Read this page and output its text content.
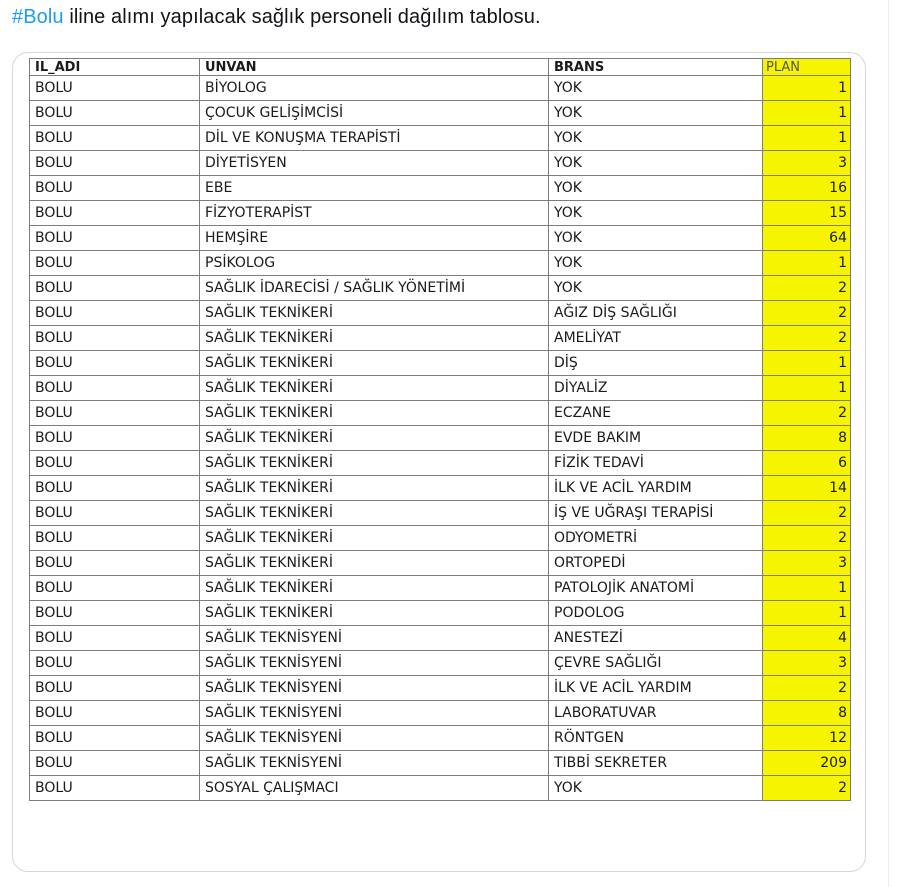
#Bolu iline alımı yapılacak sağlık personeli dağılım tablosu.
IL_ADI	UNVAN	BRANS	PLAN
BOLU	BİYOLOG	YOK	1
BOLU	ÇOCUK GELİŞİMCİSİ	YOK	1
BOLU	DİL VE KONUŞMA TERAPİSTİ	YOK	1
BOLU	DİYETİSYEN	YOK	3
BOLU	EBE	YOK	16
BOLU	FİZYOTERAPİST	YOK	15
BOLU	HEMŞİRE	YOK	64
BOLU	PSİKOLOG	YOK	1
BOLU	SAĞLIK İDARECİSİ / SAĞLIK YÖNETİMİ	YOK	2
BOLU	SAĞLIK TEKNİKERİ	AĞIZ DİŞ SAĞLIĞI	2
BOLU	SAĞLIK TEKNİKERİ	AMELİYAT	2
BOLU	SAĞLIK TEKNİKERİ	DİŞ	1
BOLU	SAĞLIK TEKNİKERİ	DİYALİZ	1
BOLU	SAĞLIK TEKNİKERİ	ECZANE	2
BOLU	SAĞLIK TEKNİKERİ	EVDE BAKIM	8
BOLU	SAĞLIK TEKNİKERİ	FİZİK TEDAVİ	6
BOLU	SAĞLIK TEKNİKERİ	İLK VE ACİL YARDIM	14
BOLU	SAĞLIK TEKNİKERİ	İŞ VE UĞRAŞI TERAPİSİ	2
BOLU	SAĞLIK TEKNİKERİ	ODYOMETRİ	2
BOLU	SAĞLIK TEKNİKERİ	ORTOPEDİ	3
BOLU	SAĞLIK TEKNİKERİ	PATOLOJİK ANATOMİ	1
BOLU	SAĞLIK TEKNİKERİ	PODOLOG	1
BOLU	SAĞLIK TEKNİSYENİ	ANESTEZİ	4
BOLU	SAĞLIK TEKNİSYENİ	ÇEVRE SAĞLIĞI	3
BOLU	SAĞLIK TEKNİSYENİ	İLK VE ACİL YARDIM	2
BOLU	SAĞLIK TEKNİSYENİ	LABORATUVAR	8
BOLU	SAĞLIK TEKNİSYENİ	RÖNTGEN	12
BOLU	SAĞLIK TEKNİSYENİ	TIBBİ SEKRETER	209
BOLU	SOSYAL ÇALIŞMACI	YOK	2
